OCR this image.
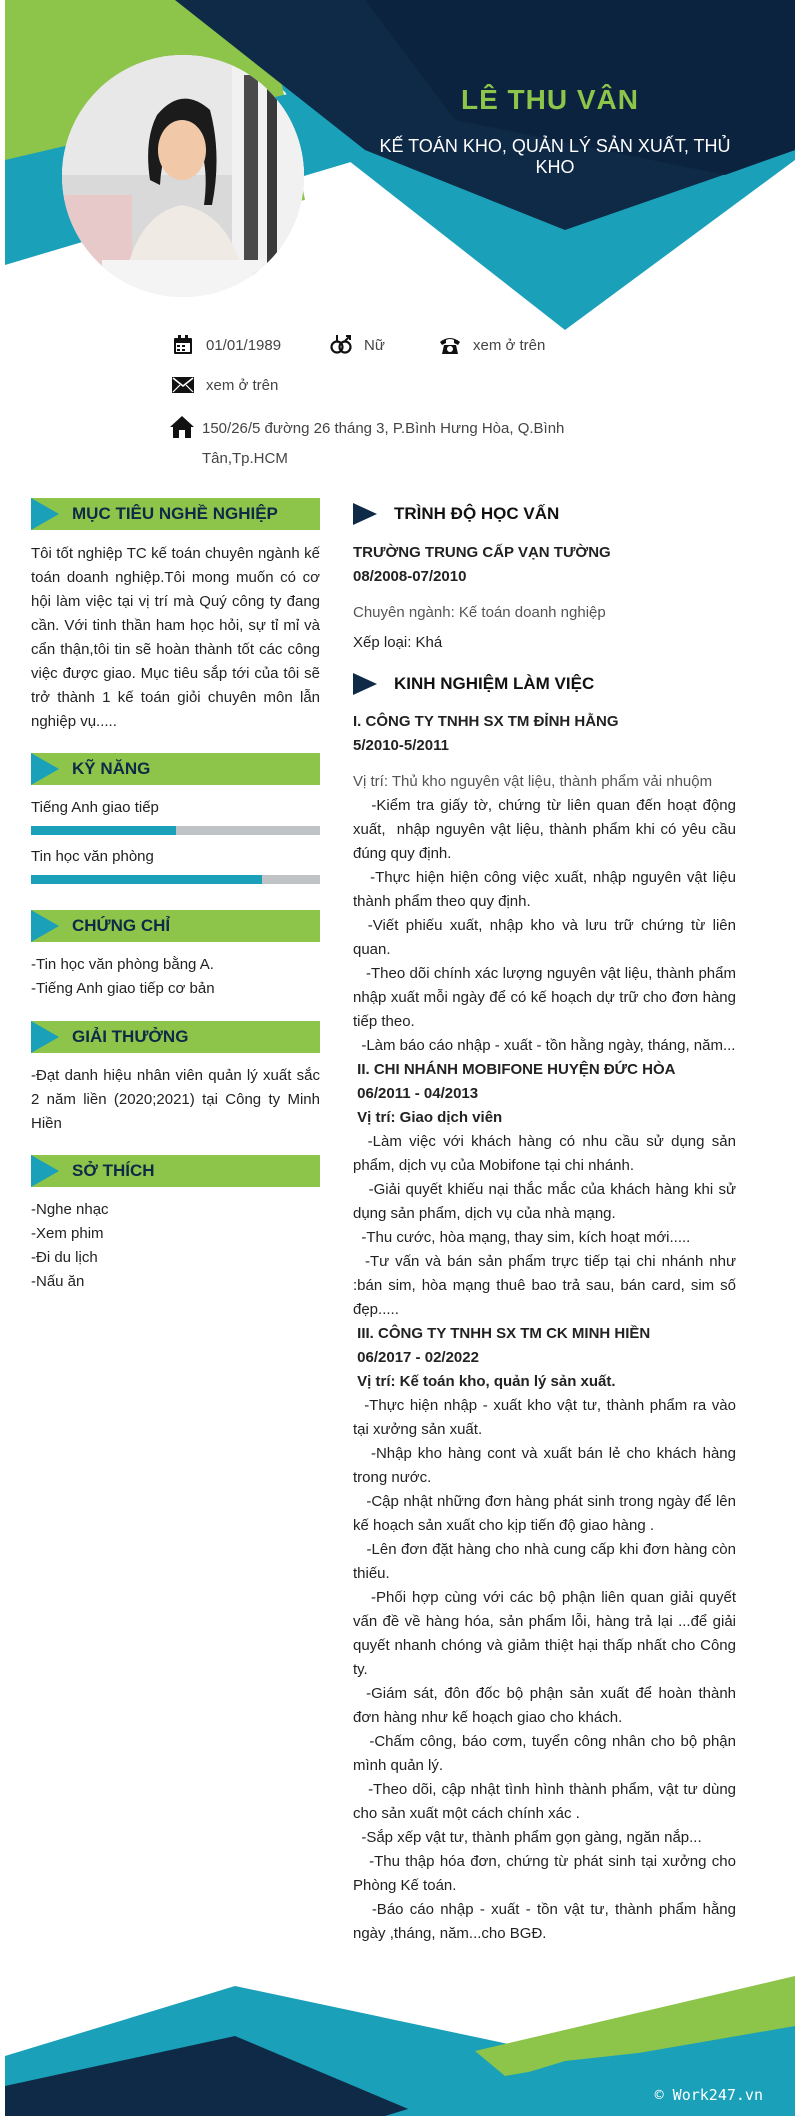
LÊ THU VÂN
KẾ TOÁN KHO, QUẢN LÝ SẢN XUẤT, THỦ KHO
01/01/1989	Nữ	xem ở trên
xem ở trên
150/26/5 đường 26 tháng 3, P.Bình Hưng Hòa, Q.Bình
Tân,Tp.HCM
MỤC TIÊU NGHỀ NGHIỆP
Tôi tốt nghiệp TC kế toán chuyên ngành kế toán doanh nghiệp.Tôi mong muốn có cơ hội làm việc tại vị trí mà Quý công ty đang cần. Với tinh thần ham học hỏi, sự tỉ mỉ và cẩn thận,tôi tin sẽ hoàn thành tốt các công việc được giao. Mục tiêu sắp tới của tôi sẽ trở thành 1 kế toán giỏi chuyên môn lẫn nghiệp vụ.....
KỸ NĂNG
Tiếng Anh giao tiếp
Tin học văn phòng
CHỨNG CHỈ
-Tin học văn phòng bằng A.
-Tiếng Anh giao tiếp cơ bản
GIẢI THƯỞNG
-Đạt danh hiệu nhân viên quản lý xuất sắc 2 năm liền (2020;2021) tại Công ty Minh Hiền
SỞ THÍCH
-Nghe nhạc
-Xem phim
-Đi du lịch
-Nấu ăn
TRÌNH ĐỘ HỌC VẤN
TRƯỜNG TRUNG CẤP VẠN TƯỜNG
08/2008-07/2010
Chuyên ngành: Kế toán doanh nghiệp
Xếp loại: Khá
KINH NGHIỆM LÀM VIỆC
I. CÔNG TY TNHH SX TM ĐỈNH HẰNG
5/2010-5/2011
Vị trí: Thủ kho nguyên vật liệu, thành phẩm vải nhuộm
-Kiểm tra giấy tờ, chứng từ liên quan đến hoạt động xuất,  nhập nguyên vật liệu, thành phẩm khi có yêu cầu đúng quy định.
-Thực hiện hiện công việc xuất, nhập nguyên vật liệu thành phẩm theo quy định.
-Viết phiếu xuất, nhập kho và lưu trữ chứng từ liên quan.
-Theo dõi chính xác lượng nguyên vật liệu, thành phẩm nhập xuất mỗi ngày để có kế hoạch dự trữ cho đơn hàng tiếp theo.
-Làm báo cáo nhập - xuất - tồn hằng ngày, tháng, năm...
II. CHI NHÁNH MOBIFONE HUYỆN ĐỨC HÒA
06/2011 - 04/2013
Vị trí: Giao dịch viên
-Làm việc với khách hàng có nhu cầu sử dụng sản phẩm, dịch vụ của Mobifone tại chi nhánh.
-Giải quyết khiếu nại thắc mắc của khách hàng khi sử dụng sản phẩm, dịch vụ của nhà mạng.
-Thu cước, hòa mạng, thay sim, kích hoạt mới.....
-Tư vấn và bán sản phẩm trực tiếp tại chi nhánh như :bán sim, hòa mạng thuê bao trả sau, bán card, sim số đẹp.....
III. CÔNG TY TNHH SX TM CK MINH HIỀN
06/2017 - 02/2022
Vị trí: Kế toán kho, quản lý sản xuất.
-Thực hiện nhập - xuất kho vật tư, thành phẩm ra vào tại xưởng sản xuất.
-Nhập kho hàng cont và xuất bán lẻ cho khách hàng trong nước.
-Cập nhật những đơn hàng phát sinh trong ngày để lên kế hoạch sản xuất cho kịp tiến độ giao hàng .
-Lên đơn đặt hàng cho nhà cung cấp khi đơn hàng còn thiếu.
-Phối hợp cùng với các bộ phận liên quan giải quyết vấn đề về hàng hóa, sản phẩm lỗi, hàng trả lại ...để giải quyết nhanh chóng và giảm thiệt hại thấp nhất cho Công ty.
-Giám sát, đôn đốc bộ phận sản xuất để hoàn thành đơn hàng như kế hoạch giao cho khách.
-Chấm công, báo cơm, tuyển công nhân cho bộ phận mình quản lý.
-Theo dõi, cập nhật tình hình thành phẩm, vật tư dùng cho sản xuất một cách chính xác .
-Sắp xếp vật tư, thành phẩm gọn gàng, ngăn nắp...
-Thu thập hóa đơn, chứng từ phát sinh tại xưởng cho Phòng Kế toán.
-Báo cáo nhập - xuất - tồn vật tư, thành phẩm hằng ngày ,tháng, năm...cho BGĐ.
© Work247.vn
